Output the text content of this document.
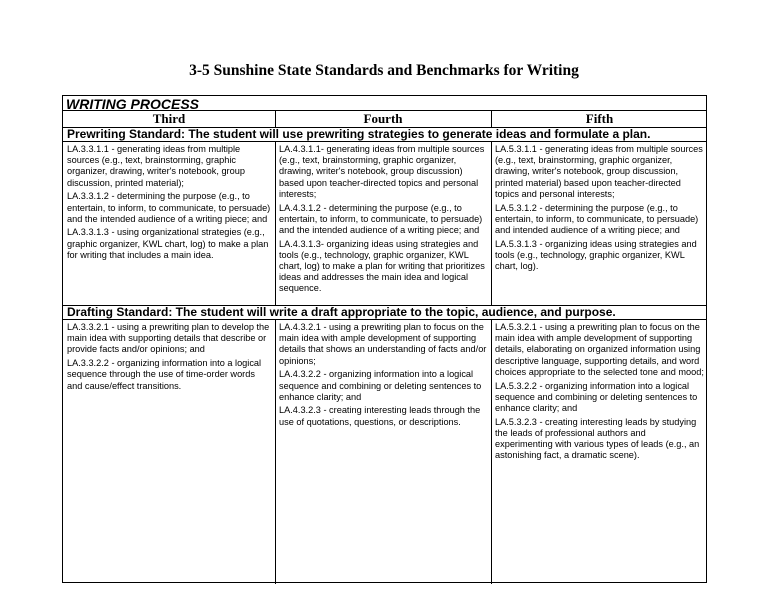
3-5 Sunshine State Standards and Benchmarks for Writing
WRITING PROCESS
Third	Fourth	Fifth
Prewriting Standard: The student will use prewriting strategies to generate ideas and formulate a plan.

LA.3.3.1.1 - generating ideas from multiple sources (e.g., text, brainstorming, graphic organizer, drawing, writer's notebook, group discussion, printed material);

LA.3.3.1.2 - determining the purpose (e.g., to entertain, to inform, to communicate, to persuade) and the intended audience of a writing piece; and

LA.3.3.1.3 - using organizational strategies (e.g., graphic organizer, KWL chart, log) to make a plan for writing that includes a main idea.

LA.4.3.1.1- generating ideas from multiple sources (e.g., text, brainstorming, graphic organizer, drawing, writer's notebook, group discussion) based upon teacher-directed topics and personal interests;

LA.4.3.1.2 - determining the purpose (e.g., to entertain, to inform, to communicate, to persuade) and the intended audience of a writing piece; and

LA.4.3.1.3- organizing ideas using strategies and tools (e.g., technology, graphic organizer, KWL chart, log) to make a plan for writing that prioritizes ideas and addresses the main idea and logical sequence.

LA.5.3.1.1 - generating ideas from multiple sources (e.g., text, brainstorming, graphic organizer, drawing, writer's notebook, group discussion, printed material) based upon teacher-directed topics and personal interests;

LA.5.3.1.2 - determining the purpose (e.g., to entertain, to inform, to communicate, to persuade) and intended audience of a writing piece; and

LA.5.3.1.3 - organizing ideas using strategies and tools (e.g., technology, graphic organizer, KWL chart, log).

Drafting Standard: The student will write a draft appropriate to the topic, audience, and purpose.

LA.3.3.2.1 - using a prewriting plan to develop the main idea with supporting details that describe or provide facts and/or opinions; and

LA.3.3.2.2 - organizing information into a logical sequence through the use of time-order words and cause/effect transitions.

LA.4.3.2.1 - using a prewriting plan to focus on the main idea with ample development of supporting details that shows an understanding of facts and/or opinions;

LA.4.3.2.2 - organizing information into a logical sequence and combining or deleting sentences to enhance clarity; and

LA.4.3.2.3 - creating interesting leads through the use of quotations, questions, or descriptions.

LA.5.3.2.1 - using a prewriting plan to focus on the main idea with ample development of supporting details, elaborating on organized information using descriptive language, supporting details, and word choices appropriate to the selected tone and mood;

LA.5.3.2.2 - organizing information into a logical sequence and combining or deleting sentences to enhance clarity; and

LA.5.3.2.3 - creating interesting leads by studying the leads of professional authors and experimenting with various types of leads (e.g., an astonishing fact, a dramatic scene).
